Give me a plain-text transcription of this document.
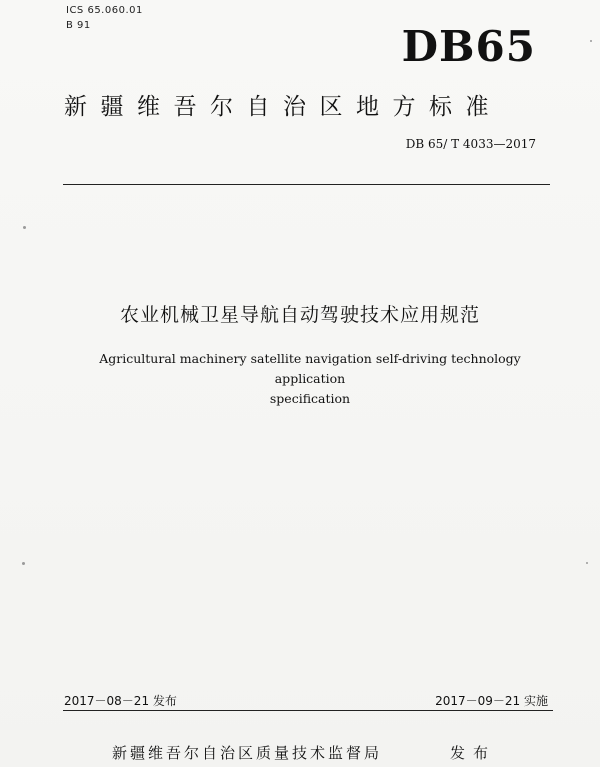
ICS 65.060.01
B 91	DB65
新疆维吾尔自治区地方标准
DB 65/ T 4033—2017
农业机械卫星导航自动驾驶技术应用规范
Agricultural machinery satellite navigation self-driving technology application
specification
2017－08－21 发布	2017－09－21 实施
新疆维吾尔自治区质量技术监督局	发布
